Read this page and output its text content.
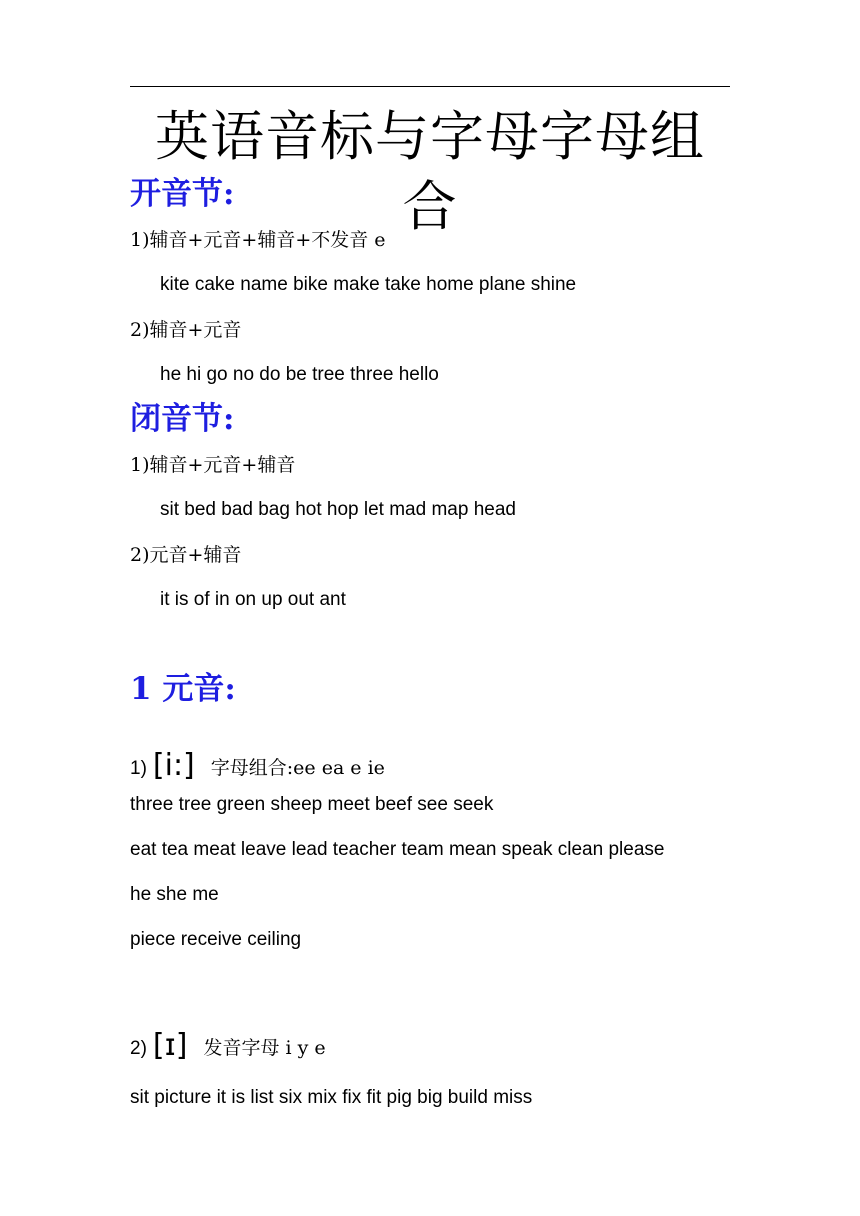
英语音标与字母字母组合
开音节:
1)辅音+元音+辅音+不发音 e
kite cake name bike make take home plane shine
2)辅音+元音
he hi go no do be tree three hello
闭音节:
1)辅音+元音+辅音
sit bed bad bag hot hop let mad map head
2)元音+辅音
it is of in on up out ant
1 元音:
1) [i:] 字母组合:ee ea e ie
three tree green sheep meet beef see seek
eat tea meat leave lead teacher team mean speak clean please
he she me
piece receive ceiling
2) [ɪ] 发音字母 i y e
sit picture it is list six mix fix fit pig big build miss
